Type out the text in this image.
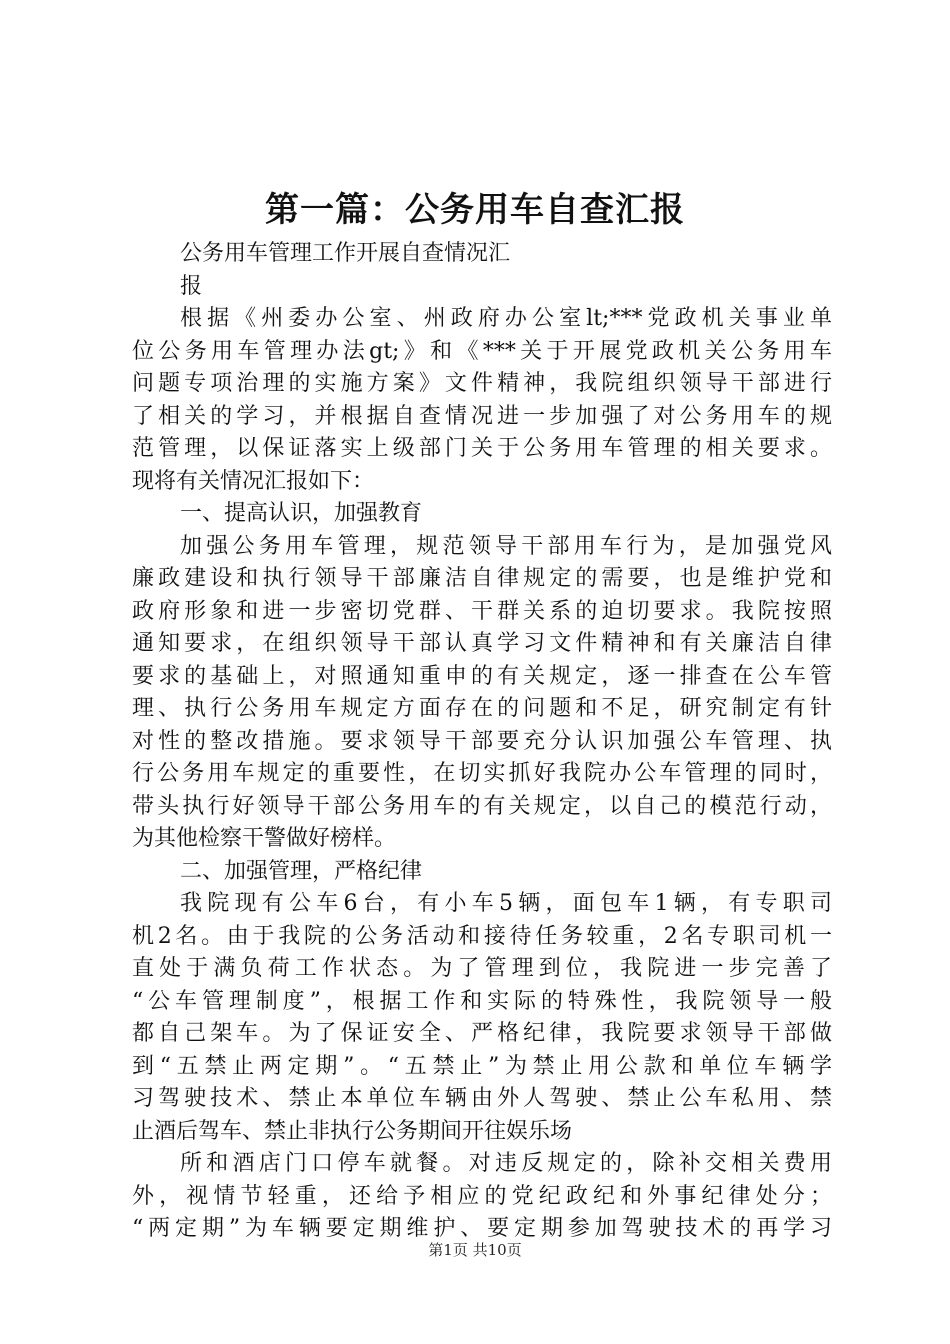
第一篇：公务用车自查汇报
公务用车管理工作开展自查情况汇
报
根据《州委办公室、州政府办公室lt;***党政机关事业单
位公务用车管理办法gt;》和《***关于开展党政机关公务用车
问题专项治理的实施方案》文件精神，我院组织领导干部进行
了相关的学习，并根据自查情况进一步加强了对公务用车的规
范管理，以保证落实上级部门关于公务用车管理的相关要求。
现将有关情况汇报如下：
一、提高认识，加强教育
加强公务用车管理，规范领导干部用车行为，是加强党风
廉政建设和执行领导干部廉洁自律规定的需要，也是维护党和
政府形象和进一步密切党群、干群关系的迫切要求。我院按照
通知要求，在组织领导干部认真学习文件精神和有关廉洁自律
要求的基础上，对照通知重申的有关规定，逐一排查在公车管
理、执行公务用车规定方面存在的问题和不足，研究制定有针
对性的整改措施。要求领导干部要充分认识加强公车管理、执
行公务用车规定的重要性，在切实抓好我院办公车管理的同时，
带头执行好领导干部公务用车的有关规定，以自己的模范行动，
为其他检察干警做好榜样。
二、加强管理，严格纪律
我院现有公车6台，有小车5辆，面包车1辆，有专职司
机2名。由于我院的公务活动和接待任务较重，2名专职司机一
直处于满负荷工作状态。为了管理到位，我院进一步完善了
“公车管理制度”，根据工作和实际的特殊性，我院领导一般
都自己架车。为了保证安全、严格纪律，我院要求领导干部做
到“五禁止两定期”。“五禁止”为禁止用公款和单位车辆学
习驾驶技术、禁止本单位车辆由外人驾驶、禁止公车私用、禁
止酒后驾车、禁止非执行公务期间开往娱乐场
所和酒店门口停车就餐。对违反规定的，除补交相关费用
外，视情节轻重，还给予相应的党纪政纪和外事纪律处分；
“两定期”为车辆要定期维护、要定期参加驾驶技术的再学习
第1页 共10页
